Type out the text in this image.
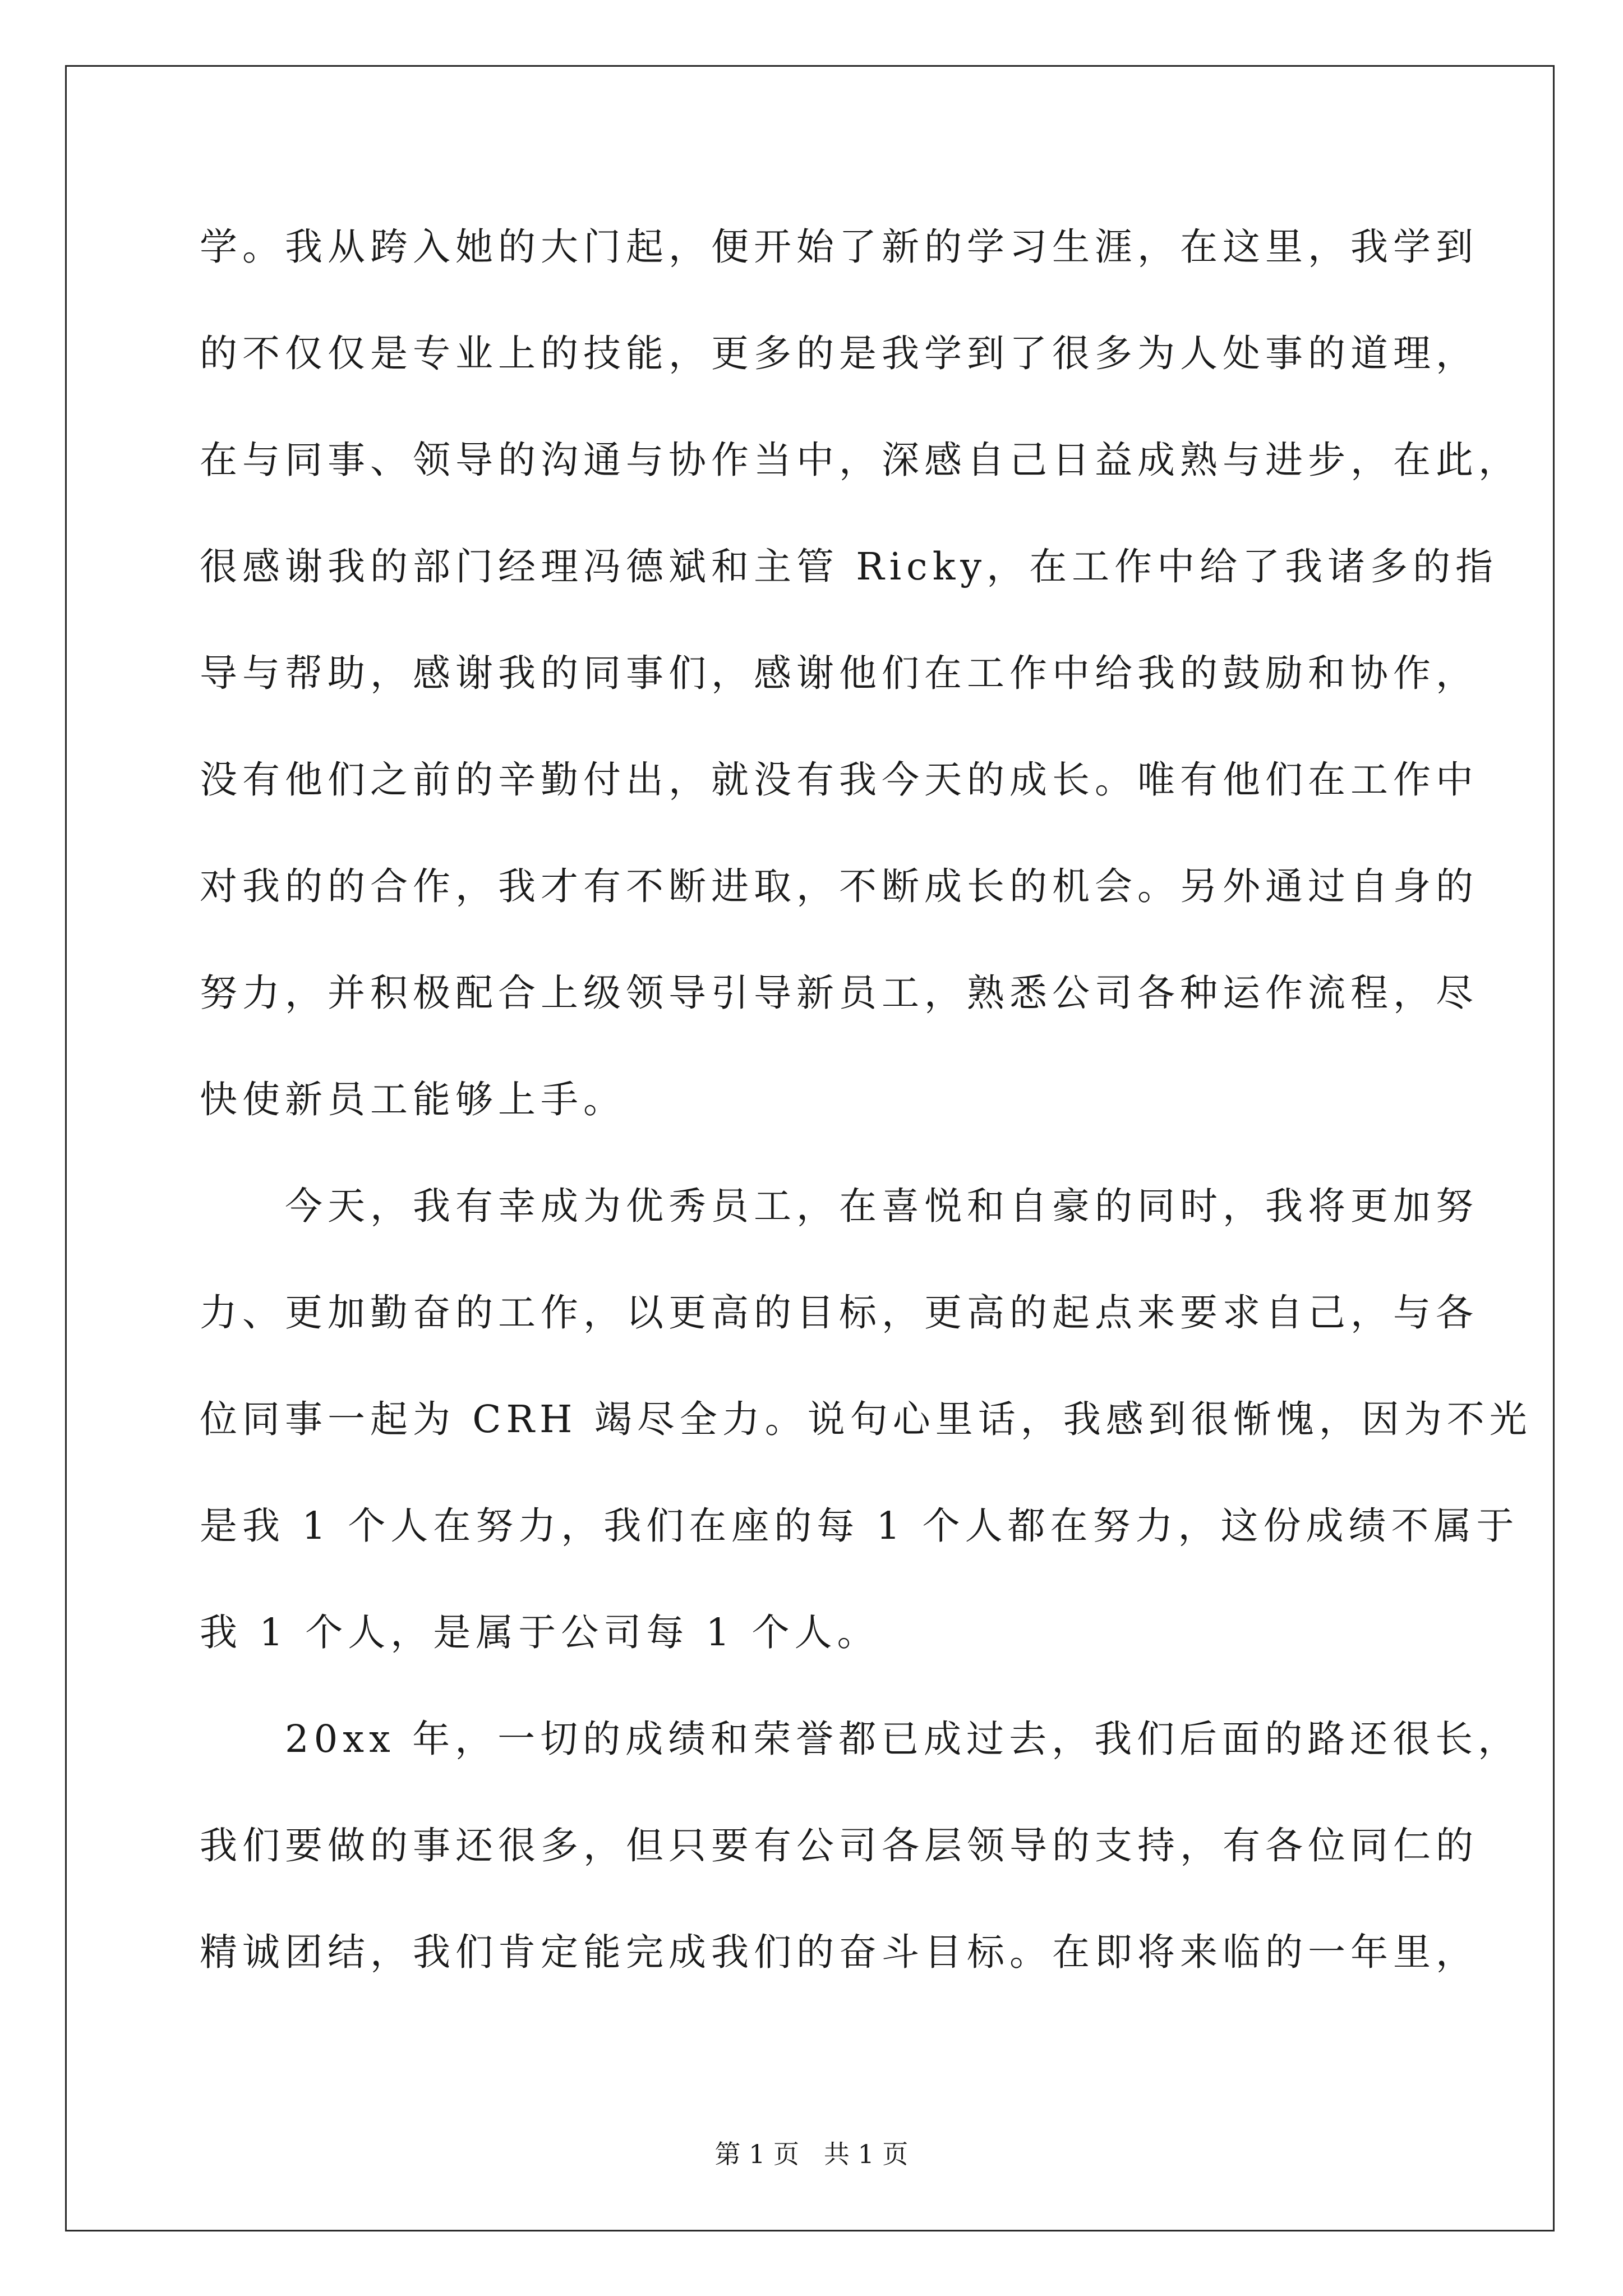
学。我从跨入她的大门起，便开始了新的学习生涯，在这里，我学到
的不仅仅是专业上的技能，更多的是我学到了很多为人处事的道理，
在与同事、领导的沟通与协作当中，深感自己日益成熟与进步，在此，
很感谢我的部门经理冯德斌和主管 Ricky，在工作中给了我诸多的指
导与帮助，感谢我的同事们，感谢他们在工作中给我的鼓励和协作，
没有他们之前的辛勤付出，就没有我今天的成长。唯有他们在工作中
对我的的合作，我才有不断进取，不断成长的机会。另外通过自身的
努力，并积极配合上级领导引导新员工，熟悉公司各种运作流程，尽
快使新员工能够上手。
　　今天，我有幸成为优秀员工，在喜悦和自豪的同时，我将更加努
力、更加勤奋的工作，以更高的目标，更高的起点来要求自己，与各
位同事一起为 CRH 竭尽全力。说句心里话，我感到很惭愧，因为不光
是我 1 个人在努力，我们在座的每 1 个人都在努力，这份成绩不属于
我 1 个人，是属于公司每 1 个人。
　　20xx 年，一切的成绩和荣誉都已成过去，我们后面的路还很长，
我们要做的事还很多，但只要有公司各层领导的支持，有各位同仁的
精诚团结，我们肯定能完成我们的奋斗目标。在即将来临的一年里，
第 1 页   共 1 页
